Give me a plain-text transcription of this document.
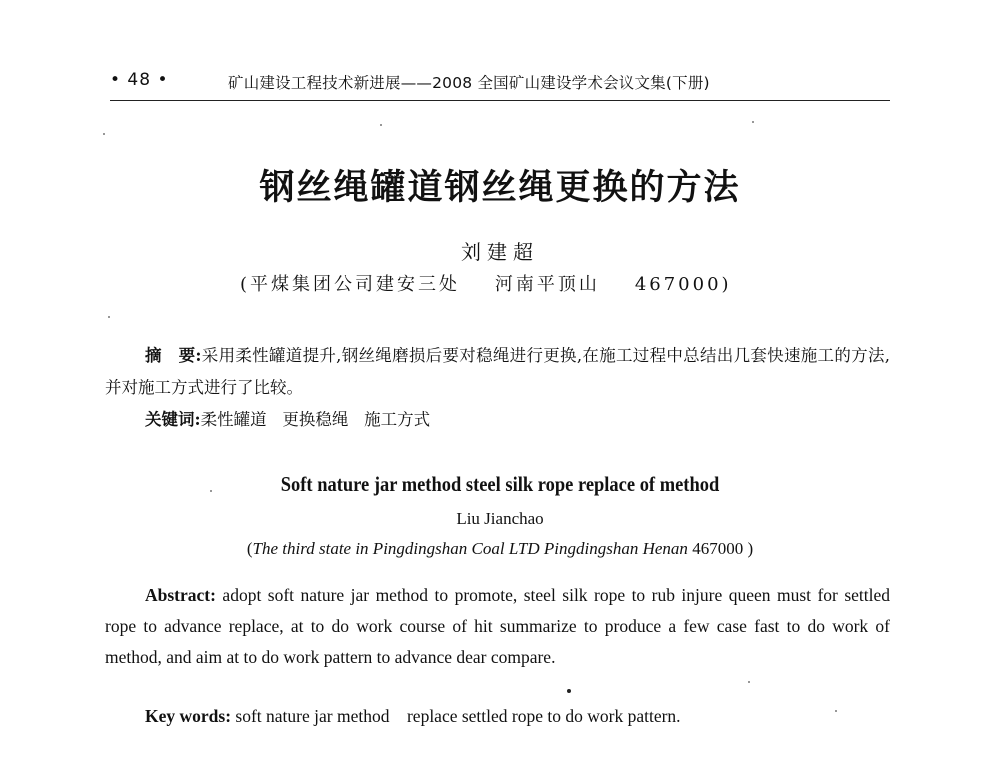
• 48 •	矿山建设工程技术新进展——2008 全国矿山建设学术会议文集(下册)
钢丝绳罐道钢丝绳更换的方法
刘建超
(平煤集团公司建安三处 河南平顶山 467000)
摘　要:采用柔性罐道提升,钢丝绳磨损后要对稳绳进行更换,在施工过程中总结出几套快速施工的方法,并对施工方式进行了比较。
关键词:柔性罐道 更换稳绳 施工方式
Soft nature jar method steel silk rope replace of method
Liu Jianchao
(The third state in Pingdingshan Coal LTD Pingdingshan Henan 467000 )
Abstract: adopt soft nature jar method to promote, steel silk rope to rub injure queen must for settled rope to advance replace, at to do work course of hit summarize to produce a few case fast to do work of method, and aim at to do work pattern to advance dear compare.
Key words: soft nature jar method replace settled rope to do work pattern.
